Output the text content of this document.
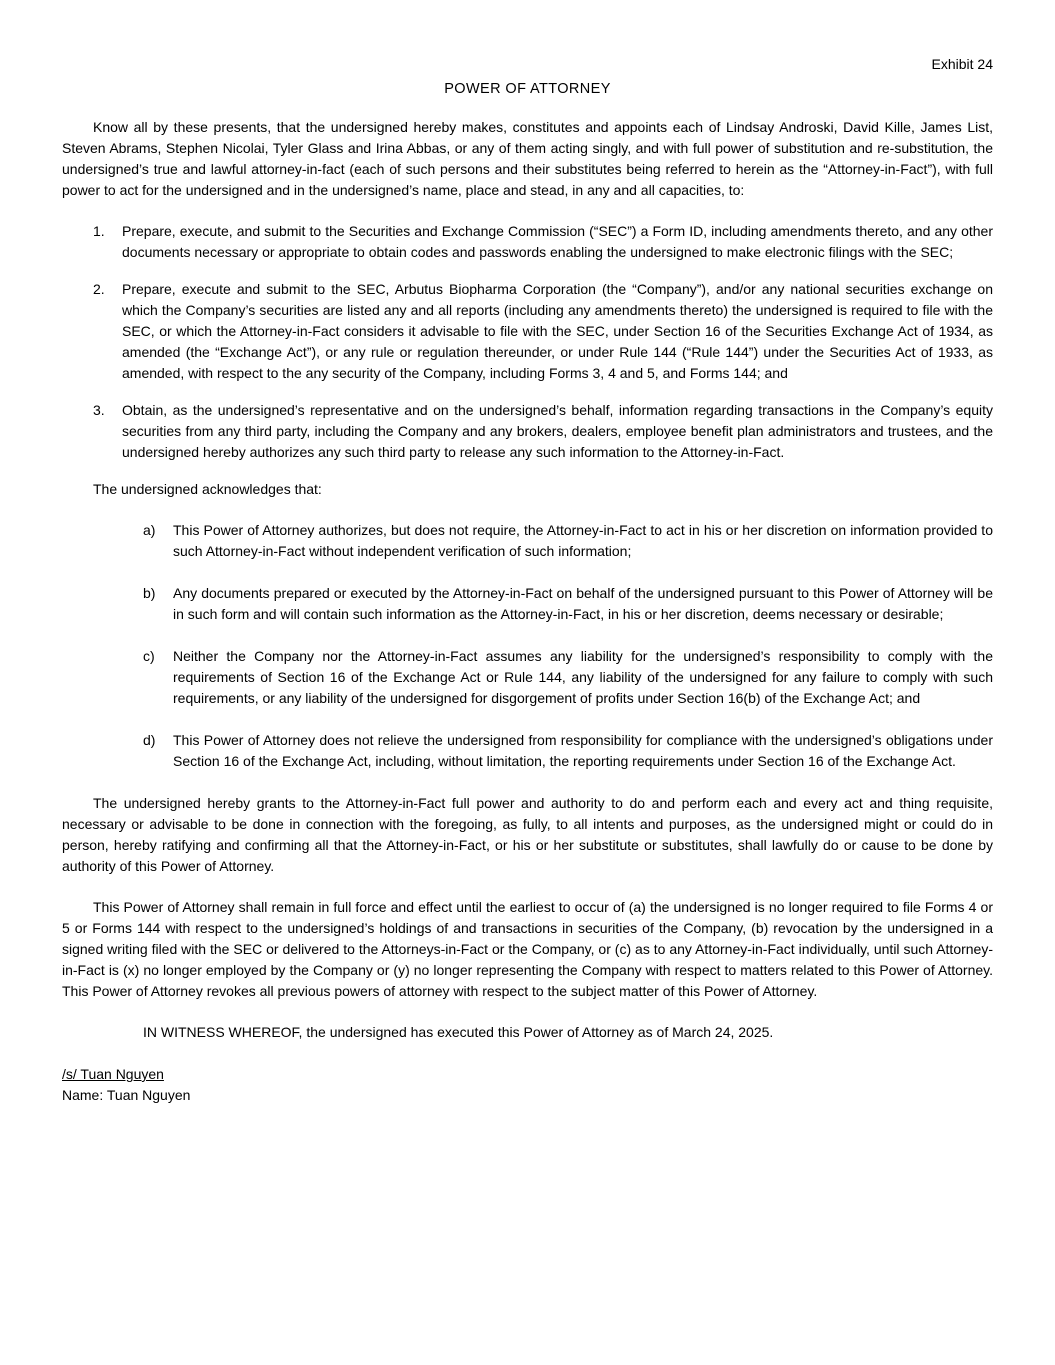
Exhibit 24
POWER OF ATTORNEY

Know all by these presents, that the undersigned hereby makes, constitutes and appoints each of Lindsay Androski, David Kille, James List, Steven Abrams, Stephen Nicolai, Tyler Glass and Irina Abbas, or any of them acting singly, and with full power of substitution and re-substitution, the undersigned’s true and lawful attorney-in-fact (each of such persons and their substitutes being referred to herein as the “Attorney-in-Fact”), with full power to act for the undersigned and in the undersigned’s name, place and stead, in any and all capacities, to:

1.	Prepare, execute, and submit to the Securities and Exchange Commission (“SEC”) a Form ID, including amendments thereto, and any other documents necessary or appropriate to obtain codes and passwords enabling the undersigned to make electronic filings with the SEC;
2.	Prepare, execute and submit to the SEC, Arbutus Biopharma Corporation (the “Company”), and/or any national securities exchange on which the Company’s securities are listed any and all reports (including any amendments thereto) the undersigned is required to file with the SEC, or which the Attorney-in-Fact considers it advisable to file with the SEC, under Section 16 of the Securities Exchange Act of 1934, as amended (the “Exchange Act”), or any rule or regulation thereunder, or under Rule 144 (“Rule 144”) under the Securities Act of 1933, as amended, with respect to the any security of the Company, including Forms 3, 4 and 5, and Forms 144; and
3.	Obtain, as the undersigned’s representative and on the undersigned’s behalf, information regarding transactions in the Company’s equity securities from any third party, including the Company and any brokers, dealers, employee benefit plan administrators and trustees, and the undersigned hereby authorizes any such third party to release any such information to the Attorney-in-Fact.

The undersigned acknowledges that:

a)	This Power of Attorney authorizes, but does not require, the Attorney-in-Fact to act in his or her discretion on information provided to such Attorney-in-Fact without independent verification of such information;
b)	Any documents prepared or executed by the Attorney-in-Fact on behalf of the undersigned pursuant to this Power of Attorney will be in such form and will contain such information as the Attorney-in-Fact, in his or her discretion, deems necessary or desirable;
c)	Neither the Company nor the Attorney-in-Fact assumes any liability for the undersigned’s responsibility to comply with the requirements of Section 16 of the Exchange Act or Rule 144, any liability of the undersigned for any failure to comply with such requirements, or any liability of the undersigned for disgorgement of profits under Section 16(b) of the Exchange Act; and
d)	This Power of Attorney does not relieve the undersigned from responsibility for compliance with the undersigned’s obligations under Section 16 of the Exchange Act, including, without limitation, the reporting requirements under Section 16 of the Exchange Act.

The undersigned hereby grants to the Attorney-in-Fact full power and authority to do and perform each and every act and thing requisite, necessary or advisable to be done in connection with the foregoing, as fully, to all intents and purposes, as the undersigned might or could do in person, hereby ratifying and confirming all that the Attorney-in-Fact, or his or her substitute or substitutes, shall lawfully do or cause to be done by authority of this Power of Attorney.

This Power of Attorney shall remain in full force and effect until the earliest to occur of (a) the undersigned is no longer required to file Forms 4 or 5 or Forms 144 with respect to the undersigned’s holdings of and transactions in securities of the Company, (b) revocation by the undersigned in a signed writing filed with the SEC or delivered to the Attorneys-in-Fact or the Company, or (c) as to any Attorney-in-Fact individually, until such Attorney-in-Fact is (x) no longer employed by the Company or (y) no longer representing the Company with respect to matters related to this Power of Attorney. This Power of Attorney revokes all previous powers of attorney with respect to the subject matter of this Power of Attorney.

IN WITNESS WHEREOF, the undersigned has executed this Power of Attorney as of March 24, 2025.

/s/ Tuan Nguyen
Name: Tuan Nguyen
